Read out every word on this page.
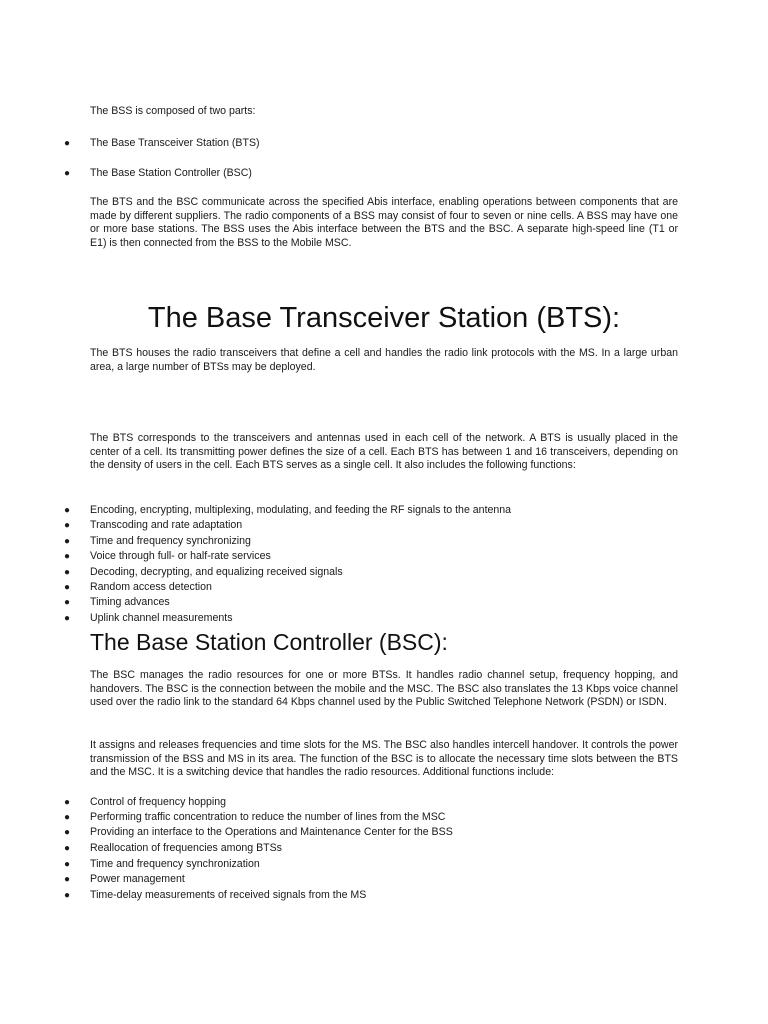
The BSS is composed of two parts:

● The Base Transceiver Station (BTS)
● The Base Station Controller (BSC)

The BTS and the BSC communicate across the specified Abis interface, enabling operations between components that are made by different suppliers. The radio components of a BSS may consist of four to seven or nine cells. A BSS may have one or more base stations. The BSS uses the Abis interface between the BTS and the BSC. A separate high-speed line (T1 or E1) is then connected from the BSS to the Mobile MSC.

The Base Transceiver Station (BTS):

The BTS houses the radio transceivers that define a cell and handles the radio link protocols with the MS. In a large urban area, a large number of BTSs may be deployed.

The BTS corresponds to the transceivers and antennas used in each cell of the network. A BTS is usually placed in the center of a cell. Its transmitting power defines the size of a cell. Each BTS has between 1 and 16 transceivers, depending on the density of users in the cell. Each BTS serves as a single cell. It also includes the following functions:

● Encoding, encrypting, multiplexing, modulating, and feeding the RF signals to the antenna
● Transcoding and rate adaptation
● Time and frequency synchronizing
● Voice through full- or half-rate services
● Decoding, decrypting, and equalizing received signals
● Random access detection
● Timing advances
● Uplink channel measurements
The Base Station Controller (BSC):

The BSC manages the radio resources for one or more BTSs. It handles radio channel setup, frequency hopping, and handovers. The BSC is the connection between the mobile and the MSC. The BSC also translates the 13 Kbps voice channel used over the radio link to the standard 64 Kbps channel used by the Public Switched Telephone Network (PSDN) or ISDN.

It assigns and releases frequencies and time slots for the MS. The BSC also handles intercell handover. It controls the power transmission of the BSS and MS in its area. The function of the BSC is to allocate the necessary time slots between the BTS and the MSC. It is a switching device that handles the radio resources. Additional functions include:

● Control of frequency hopping
● Performing traffic concentration to reduce the number of lines from the MSC
● Providing an interface to the Operations and Maintenance Center for the BSS
● Reallocation of frequencies among BTSs
● Time and frequency synchronization
● Power management
● Time-delay measurements of received signals from the MS
